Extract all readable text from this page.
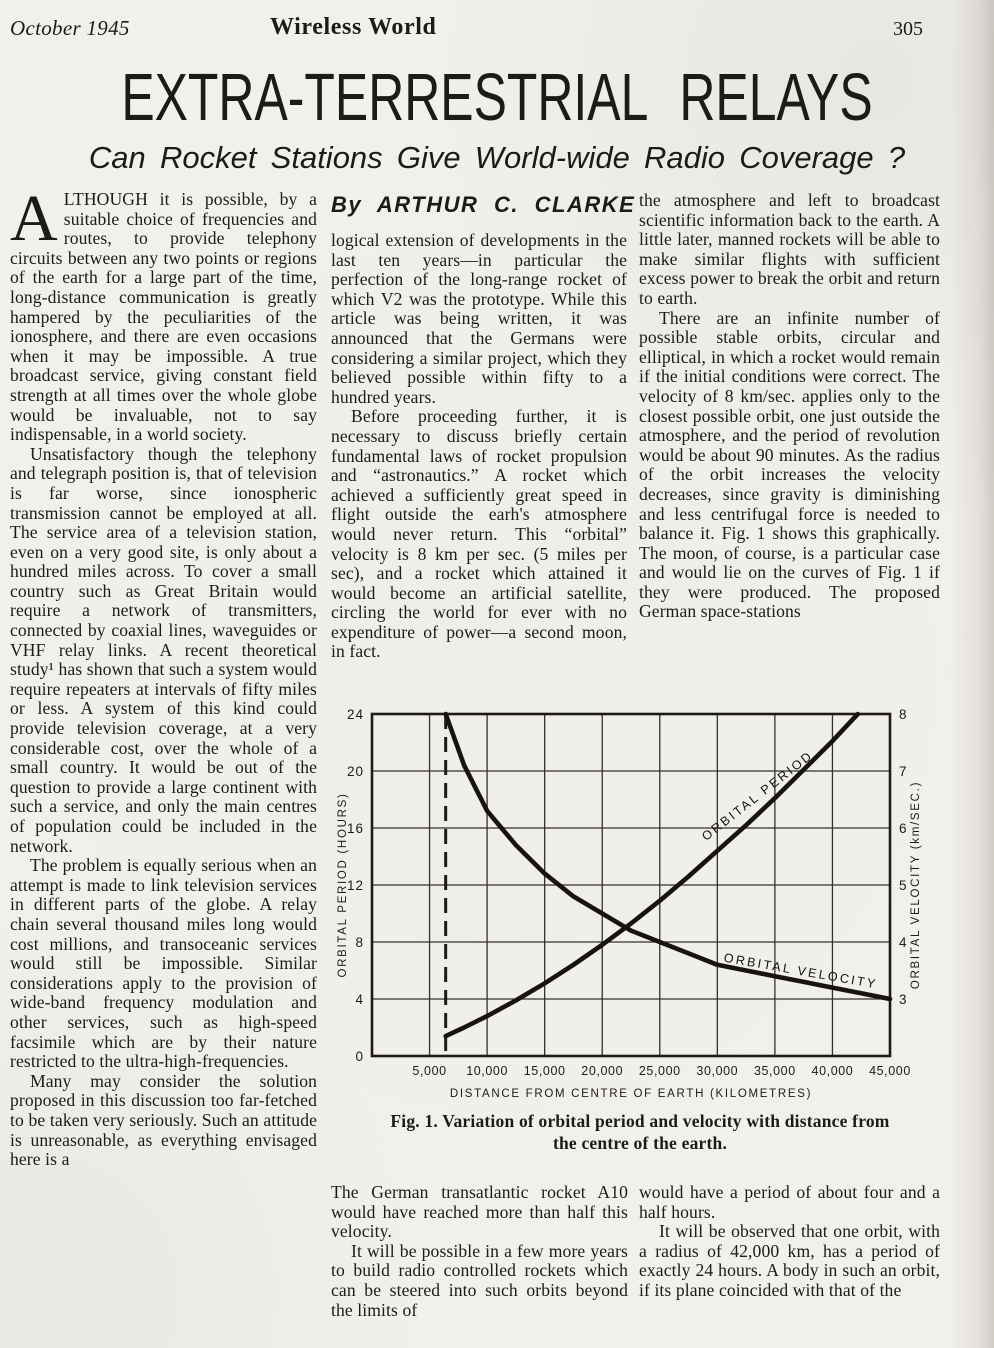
October 1945	Wireless World	305
EXTRA-TERRESTRIAL RELAYS
Can Rocket Stations Give World-wide Radio Coverage ?
By ARTHUR C. CLARKE

ALTHOUGH it is possible, by a suitable choice of frequencies and routes, to provide telephony circuits between any two points or regions of the earth for a large part of the time, long-distance communication is greatly hampered by the peculiarities of the ionosphere, and there are even occasions when it may be impossible. A true broadcast service, giving constant field strength at all times over the whole globe would be invaluable, not to say indispensable, in a world society.

Unsatisfactory though the telephony and telegraph position is, that of television is far worse, since ionospheric transmission cannot be employed at all. The service area of a television station, even on a very good site, is only about a hundred miles across. To cover a small country such as Great Britain would require a network of transmitters, connected by coaxial lines, waveguides or VHF relay links. A recent theoretical study¹ has shown that such a system would require repeaters at intervals of fifty miles or less. A system of this kind could provide television coverage, at a very considerable cost, over the whole of a small country. It would be out of the question to provide a large continent with such a service, and only the main centres of population could be included in the network.

The problem is equally serious when an attempt is made to link television services in different parts of the globe. A relay chain several thousand miles long would cost millions, and transoceanic services would still be impossible. Similar considerations apply to the provision of wide-band frequency modulation and other services, such as high-speed facsimile which are by their nature restricted to the ultra-high-frequencies.

Many may consider the solution proposed in this discussion too far-fetched to be taken very seriously. Such an attitude is unreasonable, as everything envisaged here is a

logical extension of developments in the last ten years—in particular the perfection of the long-range rocket of which V2 was the prototype. While this article was being written, it was announced that the Germans were considering a similar project, which they believed possible within fifty to a hundred years.

Before proceeding further, it is necessary to discuss briefly certain fundamental laws of rocket propulsion and “astronautics.” A rocket which achieved a sufficiently great speed in flight outside the earh's atmosphere would never return. This “orbital” velocity is 8 km per sec. (5 miles per sec), and a rocket which attained it would become an artificial satellite, circling the world for ever with no expenditure of power—a second moon, in fact.

the atmosphere and left to broadcast scientific information back to the earth. A little later, manned rockets will be able to make similar flights with sufficient excess power to break the orbit and return to earth.

There are an infinite number of possible stable orbits, circular and elliptical, in which a rocket would remain if the initial conditions were correct. The velocity of 8 km/sec. applies only to the closest possible orbit, one just outside the atmosphere, and the period of revolution would be about 90 minutes. As the radius of the orbit increases the velocity decreases, since gravity is diminishing and less centrifugal force is needed to balance it. Fig. 1 shows this graphically. The moon, of course, is a particular case and would lie on the curves of Fig. 1 if they were produced. The proposed German space-stations

5,000 10,000 15,000 20,000 25,000 30,000 35,000 40,000 45,000
0
4
8
12
16
20
24
3
4
5
6
7
8
ORBITAL PERIOD
ORBITAL VELOCITY
ORBITAL PERIOD (HOURS)	ORBITAL VELOCITY (km/SEC.)
DISTANCE FROM CENTRE OF EARTH (KILOMETRES)
Fig. 1. Variation of orbital period and velocity with distance from
the centre of the earth.

The German transatlantic rocket A10 would have reached more than half this velocity.

It will be possible in a few more years to build radio controlled rockets which can be steered into such orbits beyond the limits of

would have a period of about four and a half hours.

It will be observed that one orbit, with a radius of 42,000 km, has a period of exactly 24 hours. A body in such an orbit, if its plane coincided with that of the
